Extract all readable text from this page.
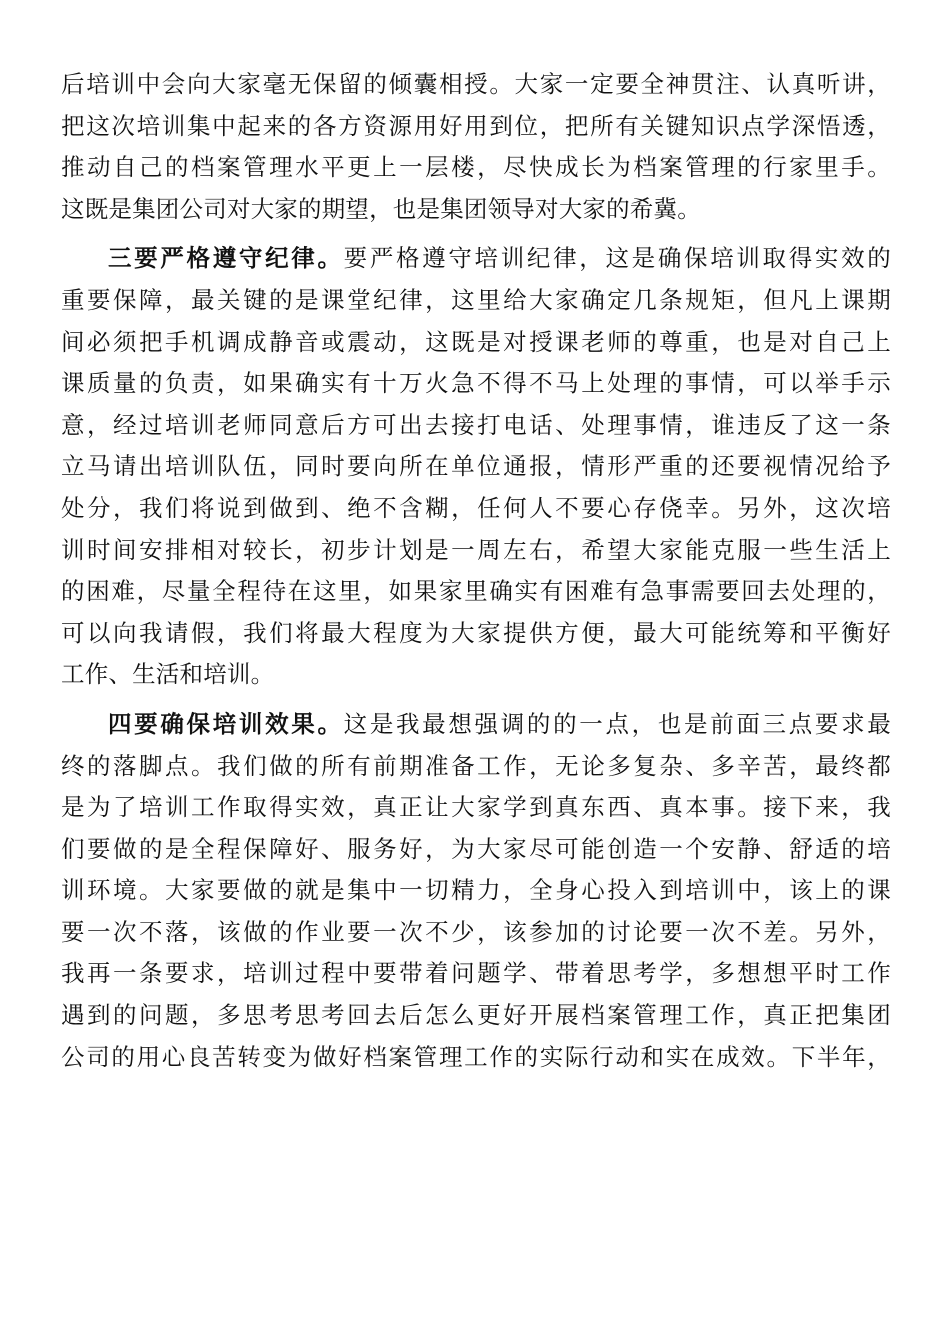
后培训中会向大家毫无保留的倾囊相授。大家一定要全神贯注、认真听讲，
把这次培训集中起来的各方资源用好用到位，把所有关键知识点学深悟透，
推动自己的档案管理水平更上一层楼，尽快成长为档案管理的行家里手。
这既是集团公司对大家的期望，也是集团领导对大家的希冀。
三要严格遵守纪律。要严格遵守培训纪律，这是确保培训取得实效的
重要保障，最关键的是课堂纪律，这里给大家确定几条规矩，但凡上课期
间必须把手机调成静音或震动，这既是对授课老师的尊重，也是对自己上
课质量的负责，如果确实有十万火急不得不马上处理的事情，可以举手示
意，经过培训老师同意后方可出去接打电话、处理事情，谁违反了这一条
立马请出培训队伍，同时要向所在单位通报，情形严重的还要视情况给予
处分，我们将说到做到、绝不含糊，任何人不要心存侥幸。另外，这次培
训时间安排相对较长，初步计划是一周左右，希望大家能克服一些生活上
的困难，尽量全程待在这里，如果家里确实有困难有急事需要回去处理的，
可以向我请假，我们将最大程度为大家提供方便，最大可能统筹和平衡好
工作、生活和培训。
四要确保培训效果。这是我最想强调的的一点，也是前面三点要求最
终的落脚点。我们做的所有前期准备工作，无论多复杂、多辛苦，最终都
是为了培训工作取得实效，真正让大家学到真东西、真本事。接下来，我
们要做的是全程保障好、服务好，为大家尽可能创造一个安静、舒适的培
训环境。大家要做的就是集中一切精力，全身心投入到培训中，该上的课
要一次不落，该做的作业要一次不少，该参加的讨论要一次不差。另外，
我再一条要求，培训过程中要带着问题学、带着思考学，多想想平时工作
遇到的问题，多思考思考回去后怎么更好开展档案管理工作，真正把集团
公司的用心良苦转变为做好档案管理工作的实际行动和实在成效。下半年，
